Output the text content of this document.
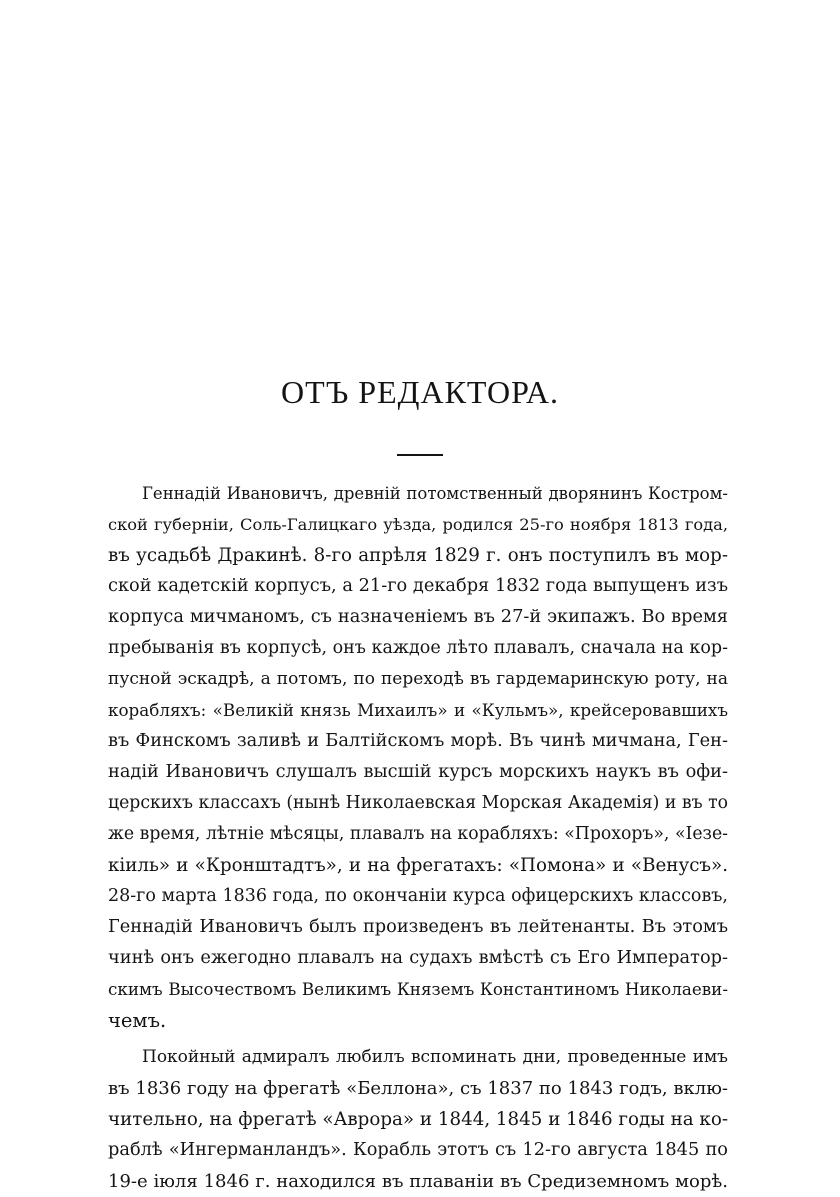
ОТЪ РЕДАКТОРА.

Геннадій Ивановичъ, древній потомственный дворянинъ Костром-
ской губерніи, Соль-Галицкаго уѣзда, родился 25-го ноября 1813 года,
въ усадьбѣ Дракинѣ. 8-го апрѣля 1829 г. онъ поступилъ въ мор-
ской кадетскій корпусъ, а 21-го декабря 1832 года выпущенъ изъ
корпуса мичманомъ, съ назначеніемъ въ 27-й экипажъ. Во время
пребыванія въ корпусѣ, онъ каждое лѣто плавалъ, сначала на кор-
пусной эскадрѣ, а потомъ, по переходѣ въ гардемаринскую роту, на
корабляхъ: «Великій князь Михаилъ» и «Кульмъ», крейсеровавшихъ
въ Финскомъ заливѣ и Балтійскомъ морѣ. Въ чинѣ мичмана, Ген-
надій Ивановичъ слушалъ высшій курсъ морскихъ наукъ въ офи-
церскихъ классахъ (нынѣ Николаевская Морская Академія) и въ то
же время, лѣтніе мѣсяцы, плавалъ на корабляхъ: «Прохоръ», «Іезе-
кіиль» и «Кронштадтъ», и на фрегатахъ: «Помона» и «Венусъ».
28-го марта 1836 года, по окончаніи курса офицерскихъ классовъ,
Геннадій Ивановичъ былъ произведенъ въ лейтенанты. Въ этомъ
чинѣ онъ ежегодно плавалъ на судахъ вмѣстѣ съ Его Император-
скимъ Высочествомъ Великимъ Княземъ Константиномъ Николаеви-
чемъ.

Покойный адмиралъ любилъ вспоминать дни, проведенные имъ
въ 1836 году на фрегатѣ «Беллона», съ 1837 по 1843 годъ, вклю-
чительно, на фрегатѣ «Аврора» и 1844, 1845 и 1846 годы на ко-
раблѣ «Ингерманландъ». Корабль этотъ съ 12-го августа 1845 по
19-е іюля 1846 г. находился въ плаваніи въ Средиземномъ морѣ.
